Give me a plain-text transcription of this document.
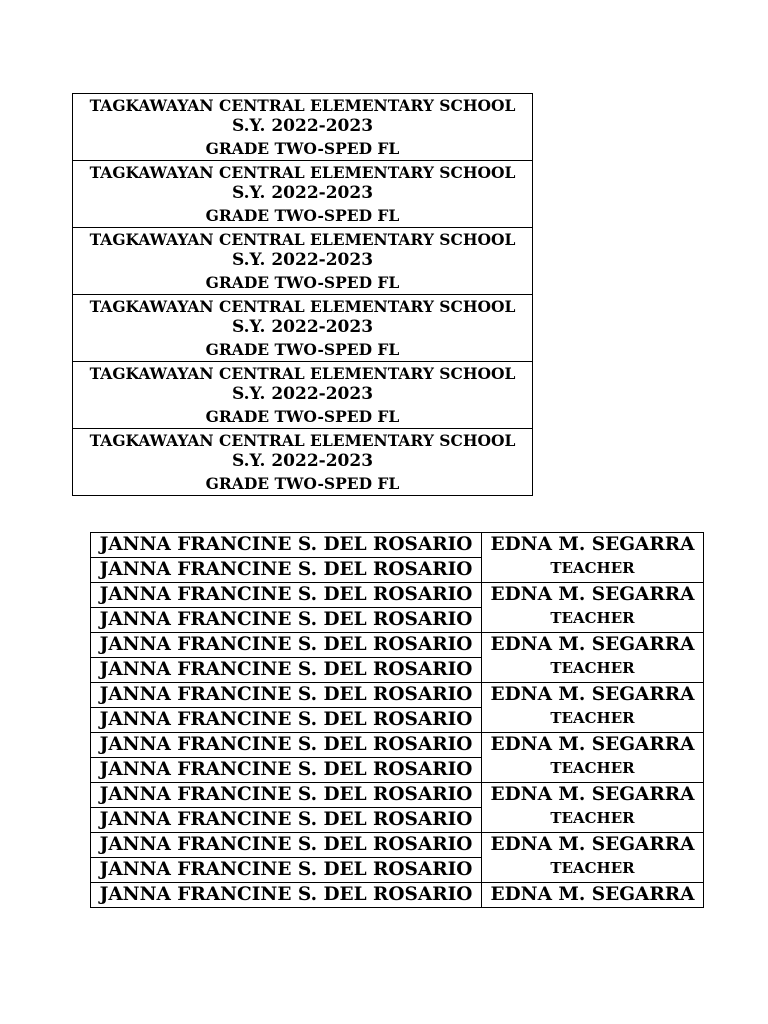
TAGKAWAYAN CENTRAL ELEMENTARY SCHOOL
S.Y. 2022-2023
GRADE TWO-SPED FL

TAGKAWAYAN CENTRAL ELEMENTARY SCHOOL
S.Y. 2022-2023
GRADE TWO-SPED FL

TAGKAWAYAN CENTRAL ELEMENTARY SCHOOL
S.Y. 2022-2023
GRADE TWO-SPED FL

TAGKAWAYAN CENTRAL ELEMENTARY SCHOOL
S.Y. 2022-2023
GRADE TWO-SPED FL

TAGKAWAYAN CENTRAL ELEMENTARY SCHOOL
S.Y. 2022-2023
GRADE TWO-SPED FL

TAGKAWAYAN CENTRAL ELEMENTARY SCHOOL
S.Y. 2022-2023
GRADE TWO-SPED FL
JANNA FRANCINE S. DEL ROSARIO	EDNA M. SEGARRA
TEACHER

JANNA FRANCINE S. DEL ROSARIO	
JANNA FRANCINE S. DEL ROSARIO	EDNA M. SEGARRA
TEACHER

JANNA FRANCINE S. DEL ROSARIO	
JANNA FRANCINE S. DEL ROSARIO	EDNA M. SEGARRA
TEACHER

JANNA FRANCINE S. DEL ROSARIO	
JANNA FRANCINE S. DEL ROSARIO	EDNA M. SEGARRA
TEACHER

JANNA FRANCINE S. DEL ROSARIO	
JANNA FRANCINE S. DEL ROSARIO	EDNA M. SEGARRA
TEACHER

JANNA FRANCINE S. DEL ROSARIO	
JANNA FRANCINE S. DEL ROSARIO	EDNA M. SEGARRA
TEACHER

JANNA FRANCINE S. DEL ROSARIO	
JANNA FRANCINE S. DEL ROSARIO	EDNA M. SEGARRA
TEACHER

JANNA FRANCINE S. DEL ROSARIO	
JANNA FRANCINE S. DEL ROSARIO	EDNA M. SEGARRA
